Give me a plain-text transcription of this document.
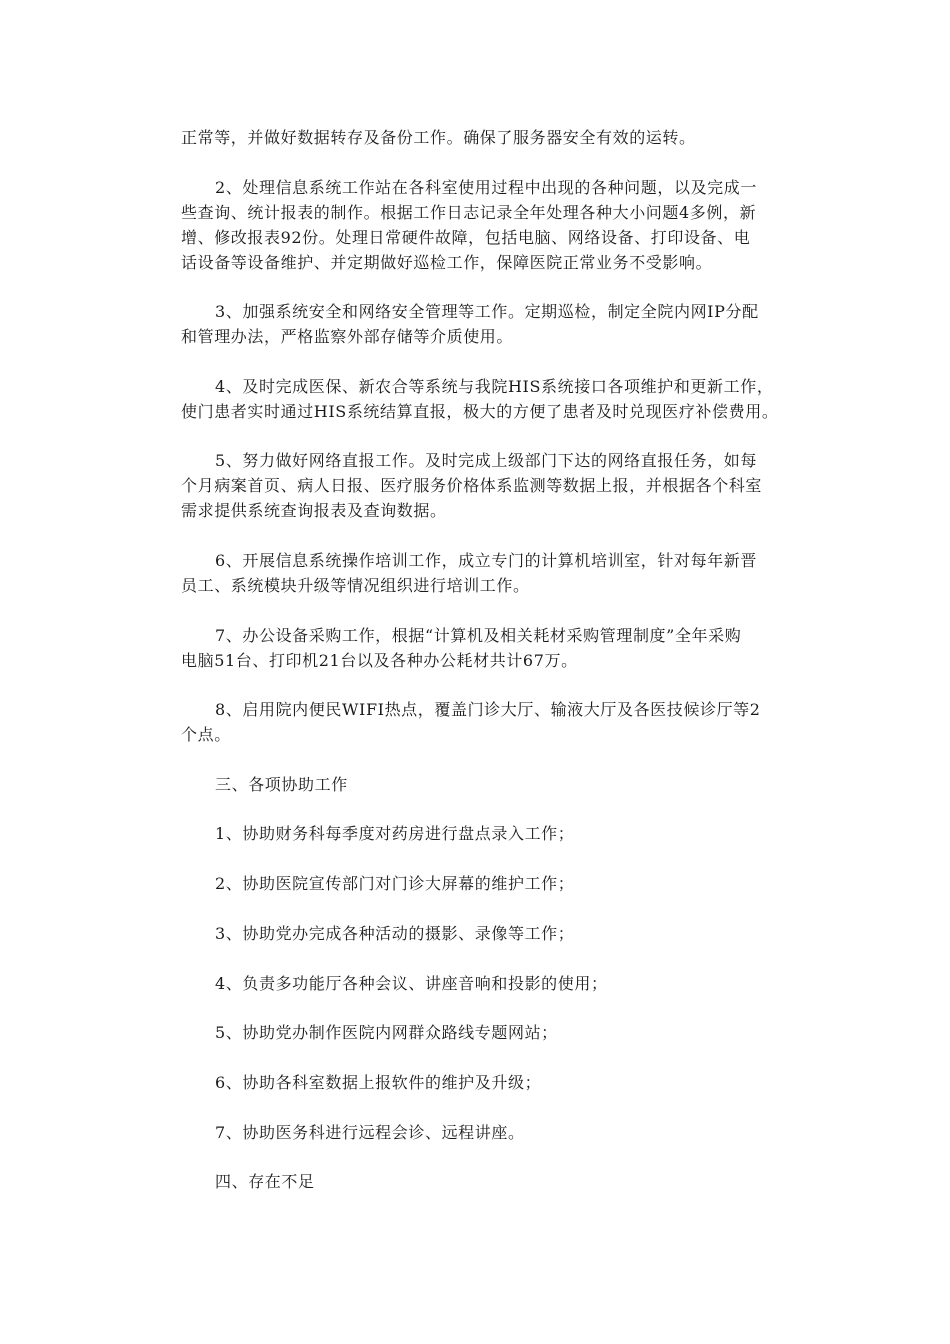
正常等，并做好数据转存及备份工作。确保了服务器安全有效的运转。
2、处理信息系统工作站在各科室使用过程中出现的各种问题，以及完成一
些查询、统计报表的制作。根据工作日志记录全年处理各种大小问题4多例，新
增、修改报表92份。处理日常硬件故障，包括电脑、网络设备、打印设备、电
话设备等设备维护、并定期做好巡检工作，保障医院正常业务不受影响。
3、加强系统安全和网络安全管理等工作。定期巡检，制定全院内网IP分配
和管理办法，严格监察外部存储等介质使用。
4、及时完成医保、新农合等系统与我院HIS系统接口各项维护和更新工作，
使门患者实时通过HIS系统结算直报，极大的方便了患者及时兑现医疗补偿费用。
5、努力做好网络直报工作。及时完成上级部门下达的网络直报任务，如每
个月病案首页、病人日报、医疗服务价格体系监测等数据上报，并根据各个科室
需求提供系统查询报表及查询数据。
6、开展信息系统操作培训工作，成立专门的计算机培训室，针对每年新晋
员工、系统模块升级等情况组织进行培训工作。
7、办公设备采购工作，根据“计算机及相关耗材采购管理制度”全年采购
电脑51台、打印机21台以及各种办公耗材共计67万。
8、启用院内便民WIFI热点，覆盖门诊大厅、输液大厅及各医技候诊厅等2
个点。
三、各项协助工作
1、协助财务科每季度对药房进行盘点录入工作；
2、协助医院宣传部门对门诊大屏幕的维护工作；
3、协助党办完成各种活动的摄影、录像等工作；
4、负责多功能厅各种会议、讲座音响和投影的使用；
5、协助党办制作医院内网群众路线专题网站；
6、协助各科室数据上报软件的维护及升级；
7、协助医务科进行远程会诊、远程讲座。
四、存在不足
